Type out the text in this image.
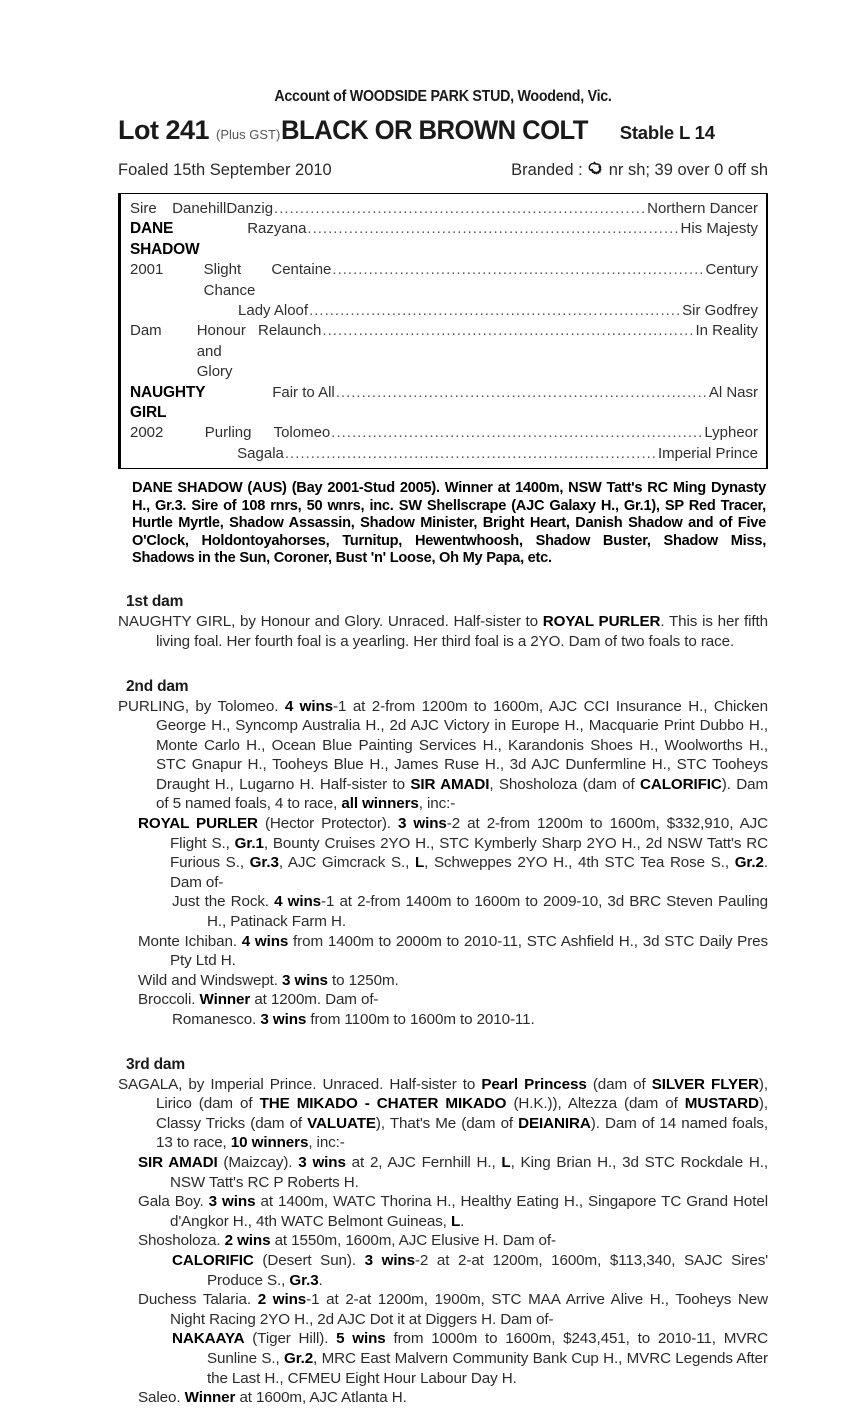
Account of WOODSIDE PARK STUD, Woodend, Vic.
Lot 241 (Plus GST) BLACK OR BROWN COLT Stable L 14
Foaled 15th September 2010	Branded : nr sh; 39 over 0 off sh
Sire	Danehill Danzig .....	Northern Dancer
DANE SHADOW
Razyana .....	His Majesty
2001	Slight Chance
Centaine .....	Century
Lady Aloof .....	Sir Godfrey
Dam	Honour and Glory
Relaunch .....	In Reality
NAUGHTY GIRL
Fair to All .....	Al Nasr
2002	Purling	Tolomeo .....	Lypheor
Sagala .....	Imperial Prince
DANE SHADOW (AUS) (Bay 2001-Stud 2005). Winner at 1400m, NSW Tatt's RC Ming Dynasty H., Gr.3. Sire of 108 rnrs, 50 wnrs, inc. SW Shellscrape (AJC Galaxy H., Gr.1), SP Red Tracer, Hurtle Myrtle, Shadow Assassin, Shadow Minister, Bright Heart, Danish Shadow and of Five O'Clock, Holdontoyahorses, Turnitup, Hewentwhoosh, Shadow Buster, Shadow Miss, Shadows in the Sun, Coroner, Bust 'n' Loose, Oh My Papa, etc.
1st dam
NAUGHTY GIRL, by Honour and Glory. Unraced. Half-sister to ROYAL PURLER. This is her fifth living foal. Her fourth foal is a yearling. Her third foal is a 2YO. Dam of two foals to race.
2nd dam
PURLING, by Tolomeo. 4 wins-1 at 2-from 1200m to 1600m, AJC CCI Insurance H., Chicken George H., Syncomp Australia H., 2d AJC Victory in Europe H., Macquarie Print Dubbo H., Monte Carlo H., Ocean Blue Painting Services H., Karandonis Shoes H., Woolworths H., STC Gnapur H., Tooheys Blue H., James Ruse H., 3d AJC Dunfermline H., STC Tooheys Draught H., Lugarno H. Half-sister to SIR AMADI, Shosholoza (dam of CALORIFIC). Dam of 5 named foals, 4 to race, all winners, inc:-
ROYAL PURLER (Hector Protector). 3 wins-2 at 2-from 1200m to 1600m, $332,910, AJC Flight S., Gr.1, Bounty Cruises 2YO H., STC Kymberly Sharp 2YO H., 2d NSW Tatt's RC Furious S., Gr.3, AJC Gimcrack S., L, Schweppes 2YO H., 4th STC Tea Rose S., Gr.2. Dam of-
Just the Rock. 4 wins-1 at 2-from 1400m to 1600m to 2009-10, 3d BRC Steven Pauling H., Patinack Farm H.
Monte Ichiban. 4 wins from 1400m to 2000m to 2010-11, STC Ashfield H., 3d STC Daily Pres Pty Ltd H.
Wild and Windswept. 3 wins to 1250m.
Broccoli. Winner at 1200m. Dam of-
Romanesco. 3 wins from 1100m to 1600m to 2010-11.
3rd dam
SAGALA, by Imperial Prince. Unraced. Half-sister to Pearl Princess (dam of SILVER FLYER), Lirico (dam of THE MIKADO - CHATER MIKADO (H.K.)), Altezza (dam of MUSTARD), Classy Tricks (dam of VALUATE), That's Me (dam of DEIANIRA). Dam of 14 named foals, 13 to race, 10 winners, inc:-
SIR AMADI (Maizcay). 3 wins at 2, AJC Fernhill H., L, King Brian H., 3d STC Rockdale H., NSW Tatt's RC P Roberts H.
Gala Boy. 3 wins at 1400m, WATC Thorina H., Healthy Eating H., Singapore TC Grand Hotel d'Angkor H., 4th WATC Belmont Guineas, L.
Shosholoza. 2 wins at 1550m, 1600m, AJC Elusive H. Dam of-
CALORIFIC (Desert Sun). 3 wins-2 at 2-at 1200m, 1600m, $113,340, SAJC Sires' Produce S., Gr.3.
Duchess Talaria. 2 wins-1 at 2-at 1200m, 1900m, STC MAA Arrive Alive H., Tooheys New Night Racing 2YO H., 2d AJC Dot it at Diggers H. Dam of-
NAKAAYA (Tiger Hill). 5 wins from 1000m to 1600m, $243,451, to 2010-11, MVRC Sunline S., Gr.2, MRC East Malvern Community Bank Cup H., MVRC Legends After the Last H., CFMEU Eight Hour Labour Day H.
Saleo. Winner at 1600m, AJC Atlanta H.
